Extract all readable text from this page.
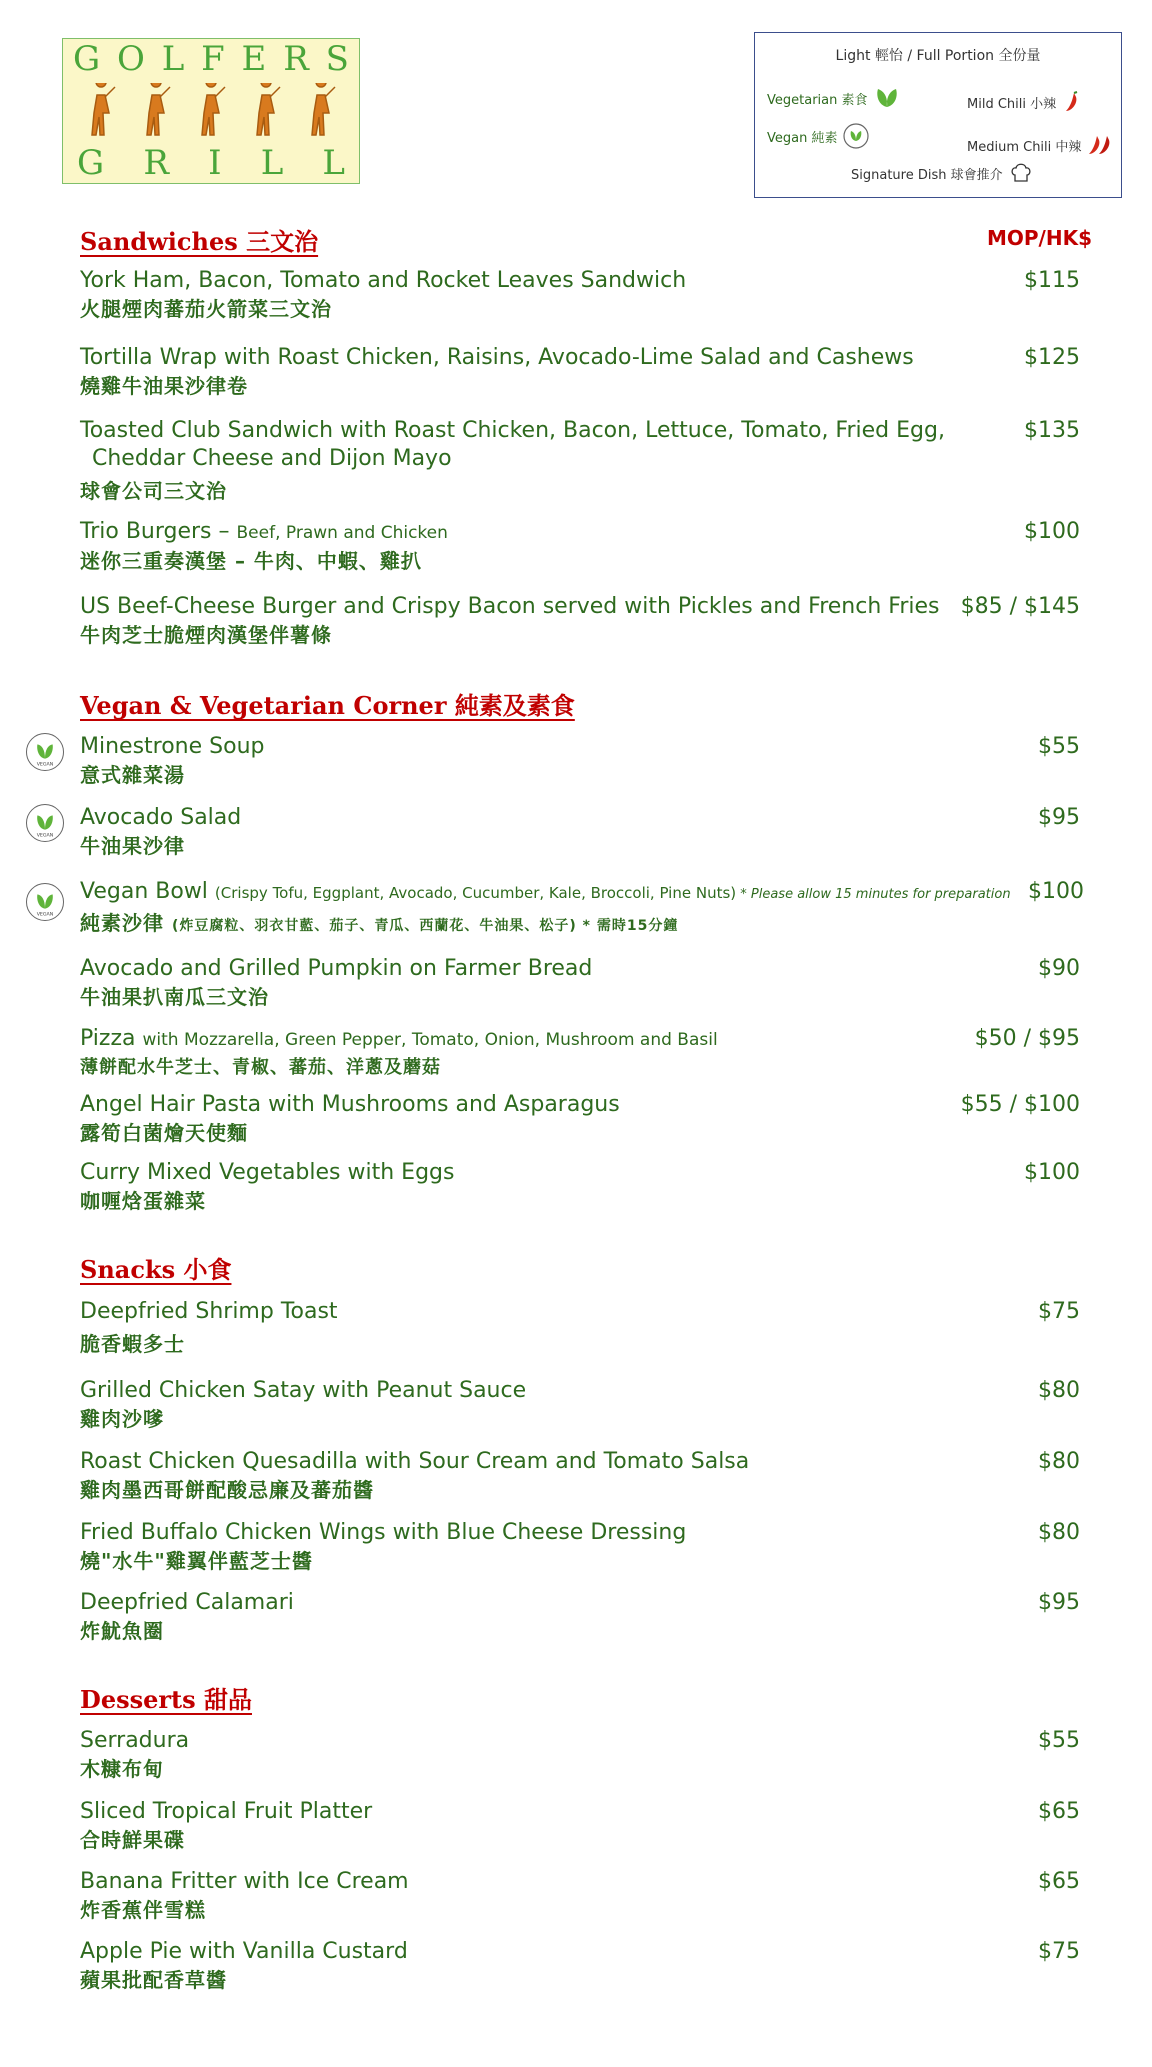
G O L F E R S
G R I L L
Light 輕怡 / Full Portion 全份量
Vegetarian 素食	Mild Chili 小辣
Vegan 純素
Medium Chili 中辣
Signature Dish 球會推介
MOP/HK$
Sandwiches 三文治
York Ham, Bacon, Tomato and Rocket Leaves Sandwich
火腿煙肉蕃茄火箭菜三文治
$115
Tortilla Wrap with Roast Chicken, Raisins, Avocado-Lime Salad and Cashews
燒雞牛油果沙律卷
$125
Toasted Club Sandwich with Roast Chicken, Bacon, Lettuce, Tomato, Fried Egg,
Cheddar Cheese and Dijon Mayo
球會公司三文治
$135
Trio Burgers – Beef, Prawn and Chicken
迷你三重奏漢堡 – 牛肉、中蝦、雞扒
$100
US Beef-Cheese Burger and Crispy Bacon served with Pickles and French Fries
牛肉芝士脆煙肉漢堡伴薯條
$85 / $145
Vegan & Vegetarian Corner 純素及素食
VEGAN
Minestrone Soup
意式雜菜湯
$55
VEGAN
Avocado Salad
牛油果沙律
$95
VEGAN
Vegan Bowl (Crispy Tofu, Eggplant, Avocado, Cucumber, Kale, Broccoli, Pine Nuts) * Please allow 15 minutes for preparation
純素沙律 (炸豆腐粒、羽衣甘藍、茄子、青瓜、西蘭花、牛油果、松子) * 需時15分鐘
$100
Avocado and Grilled Pumpkin on Farmer Bread
牛油果扒南瓜三文治
$90
Pizza with Mozzarella, Green Pepper, Tomato, Onion, Mushroom and Basil
薄餅配水牛芝士、青椒、蕃茄、洋蔥及蘑菇
$50 / $95
Angel Hair Pasta with Mushrooms and Asparagus
露筍白菌燴天使麵
$55 / $100
Curry Mixed Vegetables with Eggs
咖喱焓蛋雜菜
$100
Snacks 小食
Deepfried Shrimp Toast
脆香蝦多士
$75
Grilled Chicken Satay with Peanut Sauce
雞肉沙嗲
$80
Roast Chicken Quesadilla with Sour Cream and Tomato Salsa
雞肉墨西哥餅配酸忌廉及蕃茄醬
$80
Fried Buffalo Chicken Wings with Blue Cheese Dressing
燒"水牛"雞翼伴藍芝士醬
$80
Deepfried Calamari
炸魷魚圈
$95
Desserts 甜品
Serradura
木糠布甸
$55
Sliced Tropical Fruit Platter
合時鮮果碟
$65
Banana Fritter with Ice Cream
炸香蕉伴雪糕
$65
Apple Pie with Vanilla Custard
蘋果批配香草醬
$75
